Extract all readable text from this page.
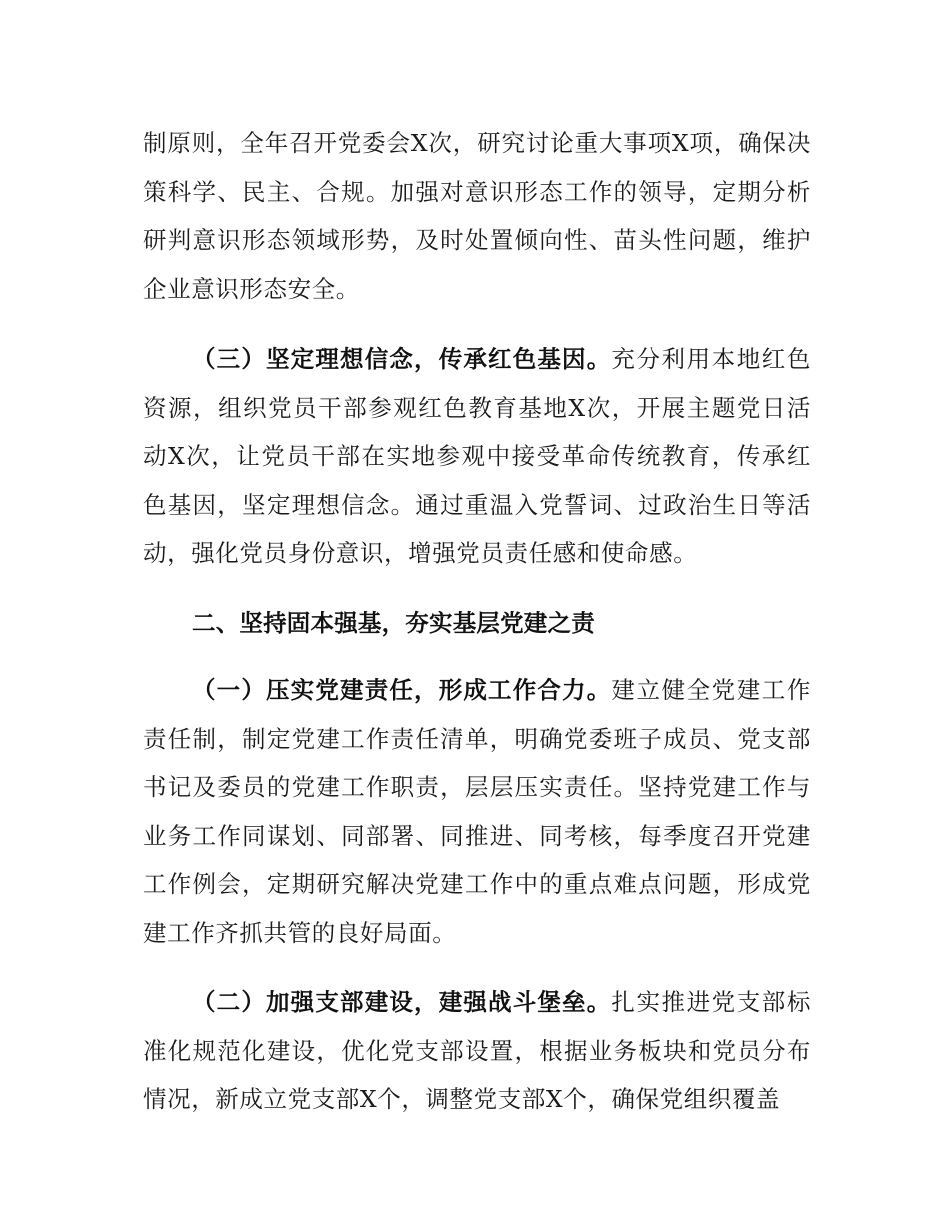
制原则，全年召开党委会X次，研究讨论重大事项X项，确保决策科学、民主、合规。加强对意识形态工作的领导，定期分析研判意识形态领域形势，及时处置倾向性、苗头性问题，维护企业意识形态安全。

（三）坚定理想信念，传承红色基因。充分利用本地红色资源，组织党员干部参观红色教育基地X次，开展主题党日活动X次，让党员干部在实地参观中接受革命传统教育，传承红色基因，坚定理想信念。通过重温入党誓词、过政治生日等活动，强化党员身份意识，增强党员责任感和使命感。

二、坚持固本强基，夯实基层党建之责

（一）压实党建责任，形成工作合力。建立健全党建工作责任制，制定党建工作责任清单，明确党委班子成员、党支部书记及委员的党建工作职责，层层压实责任。坚持党建工作与业务工作同谋划、同部署、同推进、同考核，每季度召开党建工作例会，定期研究解决党建工作中的重点难点问题，形成党建工作齐抓共管的良好局面。

（二）加强支部建设，建强战斗堡垒。扎实推进党支部标准化规范化建设，优化党支部设置，根据业务板块和党员分布情况，新成立党支部X个，调整党支部X个，确保党组织覆盖
